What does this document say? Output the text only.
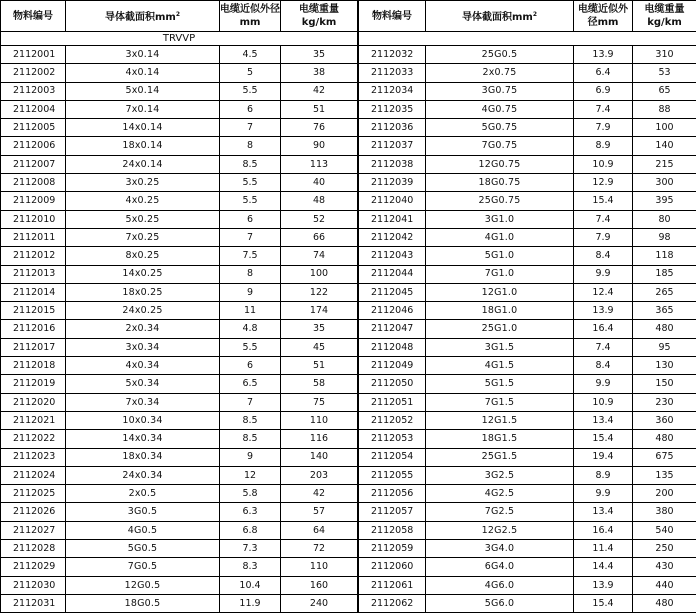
物料编号	导体截面积$mm^2$	电缆近似外径mm	电缆重量
kg/km
TRVVP			
2112001	3x0.14	4.5	35
2112002	4x0.14	5	38
2112003	5x0.14	5.5	42
2112004	7x0.14	6	51
2112005	14x0.14	7	76
2112006	18x0.14	8	90
2112007	24x0.14	8.5	113
2112008	3x0.25	5.5	40
2112009	4x0.25	5.5	48
2112010	5x0.25	6	52
2112011	7x0.25	7	66
2112012	8x0.25	7.5	74
2112013	14x0.25	8	100
2112014	18x0.25	9	122
2112015	24x0.25	11	174
2112016	2x0.34	4.8	35
2112017	3x0.34	5.5	45
2112018	4x0.34	6	51
2112019	5x0.34	6.5	58
2112020	7x0.34	7	75
2112021	10x0.34	8.5	110
2112022	14x0.34	8.5	116
2112023	18x0.34	9	140
2112024	24x0.34	12	203
2112025	2x0.5	5.8	42
2112026	3G0.5	6.3	57
2112027	4G0.5	6.8	64
2112028	5G0.5	7.3	72
2112029	7G0.5	8.3	110
2112030	12G0.5	10.4	160
2112031	18G0.5	11.9	240
物料编号	导体截面积$mm^2$	电缆近似外径mm	电缆重量
kg/km

2112032	25G0.5	13.9	310
2112033	2x0.75	6.4	53
2112034	3G0.75	6.9	65
2112035	4G0.75	7.4	88
2112036	5G0.75	7.9	100
2112037	7G0.75	8.9	140
2112038	12G0.75	10.9	215
2112039	18G0.75	12.9	300
2112040	25G0.75	15.4	395
2112041	3G1.0	7.4	80
2112042	4G1.0	7.9	98
2112043	5G1.0	8.4	118
2112044	7G1.0	9.9	185
2112045	12G1.0	12.4	265
2112046	18G1.0	13.9	365
2112047	25G1.0	16.4	480
2112048	3G1.5	7.4	95
2112049	4G1.5	8.4	130
2112050	5G1.5	9.9	150
2112051	7G1.5	10.9	230
2112052	12G1.5	13.4	360
2112053	18G1.5	15.4	480
2112054	25G1.5	19.4	675
2112055	3G2.5	8.9	135
2112056	4G2.5	9.9	200
2112057	7G2.5	13.4	380
2112058	12G2.5	16.4	540
2112059	3G4.0	11.4	250
2112060	6G4.0	14.4	430
2112061	4G6.0	13.9	440
2112062	5G6.0	15.4	480
